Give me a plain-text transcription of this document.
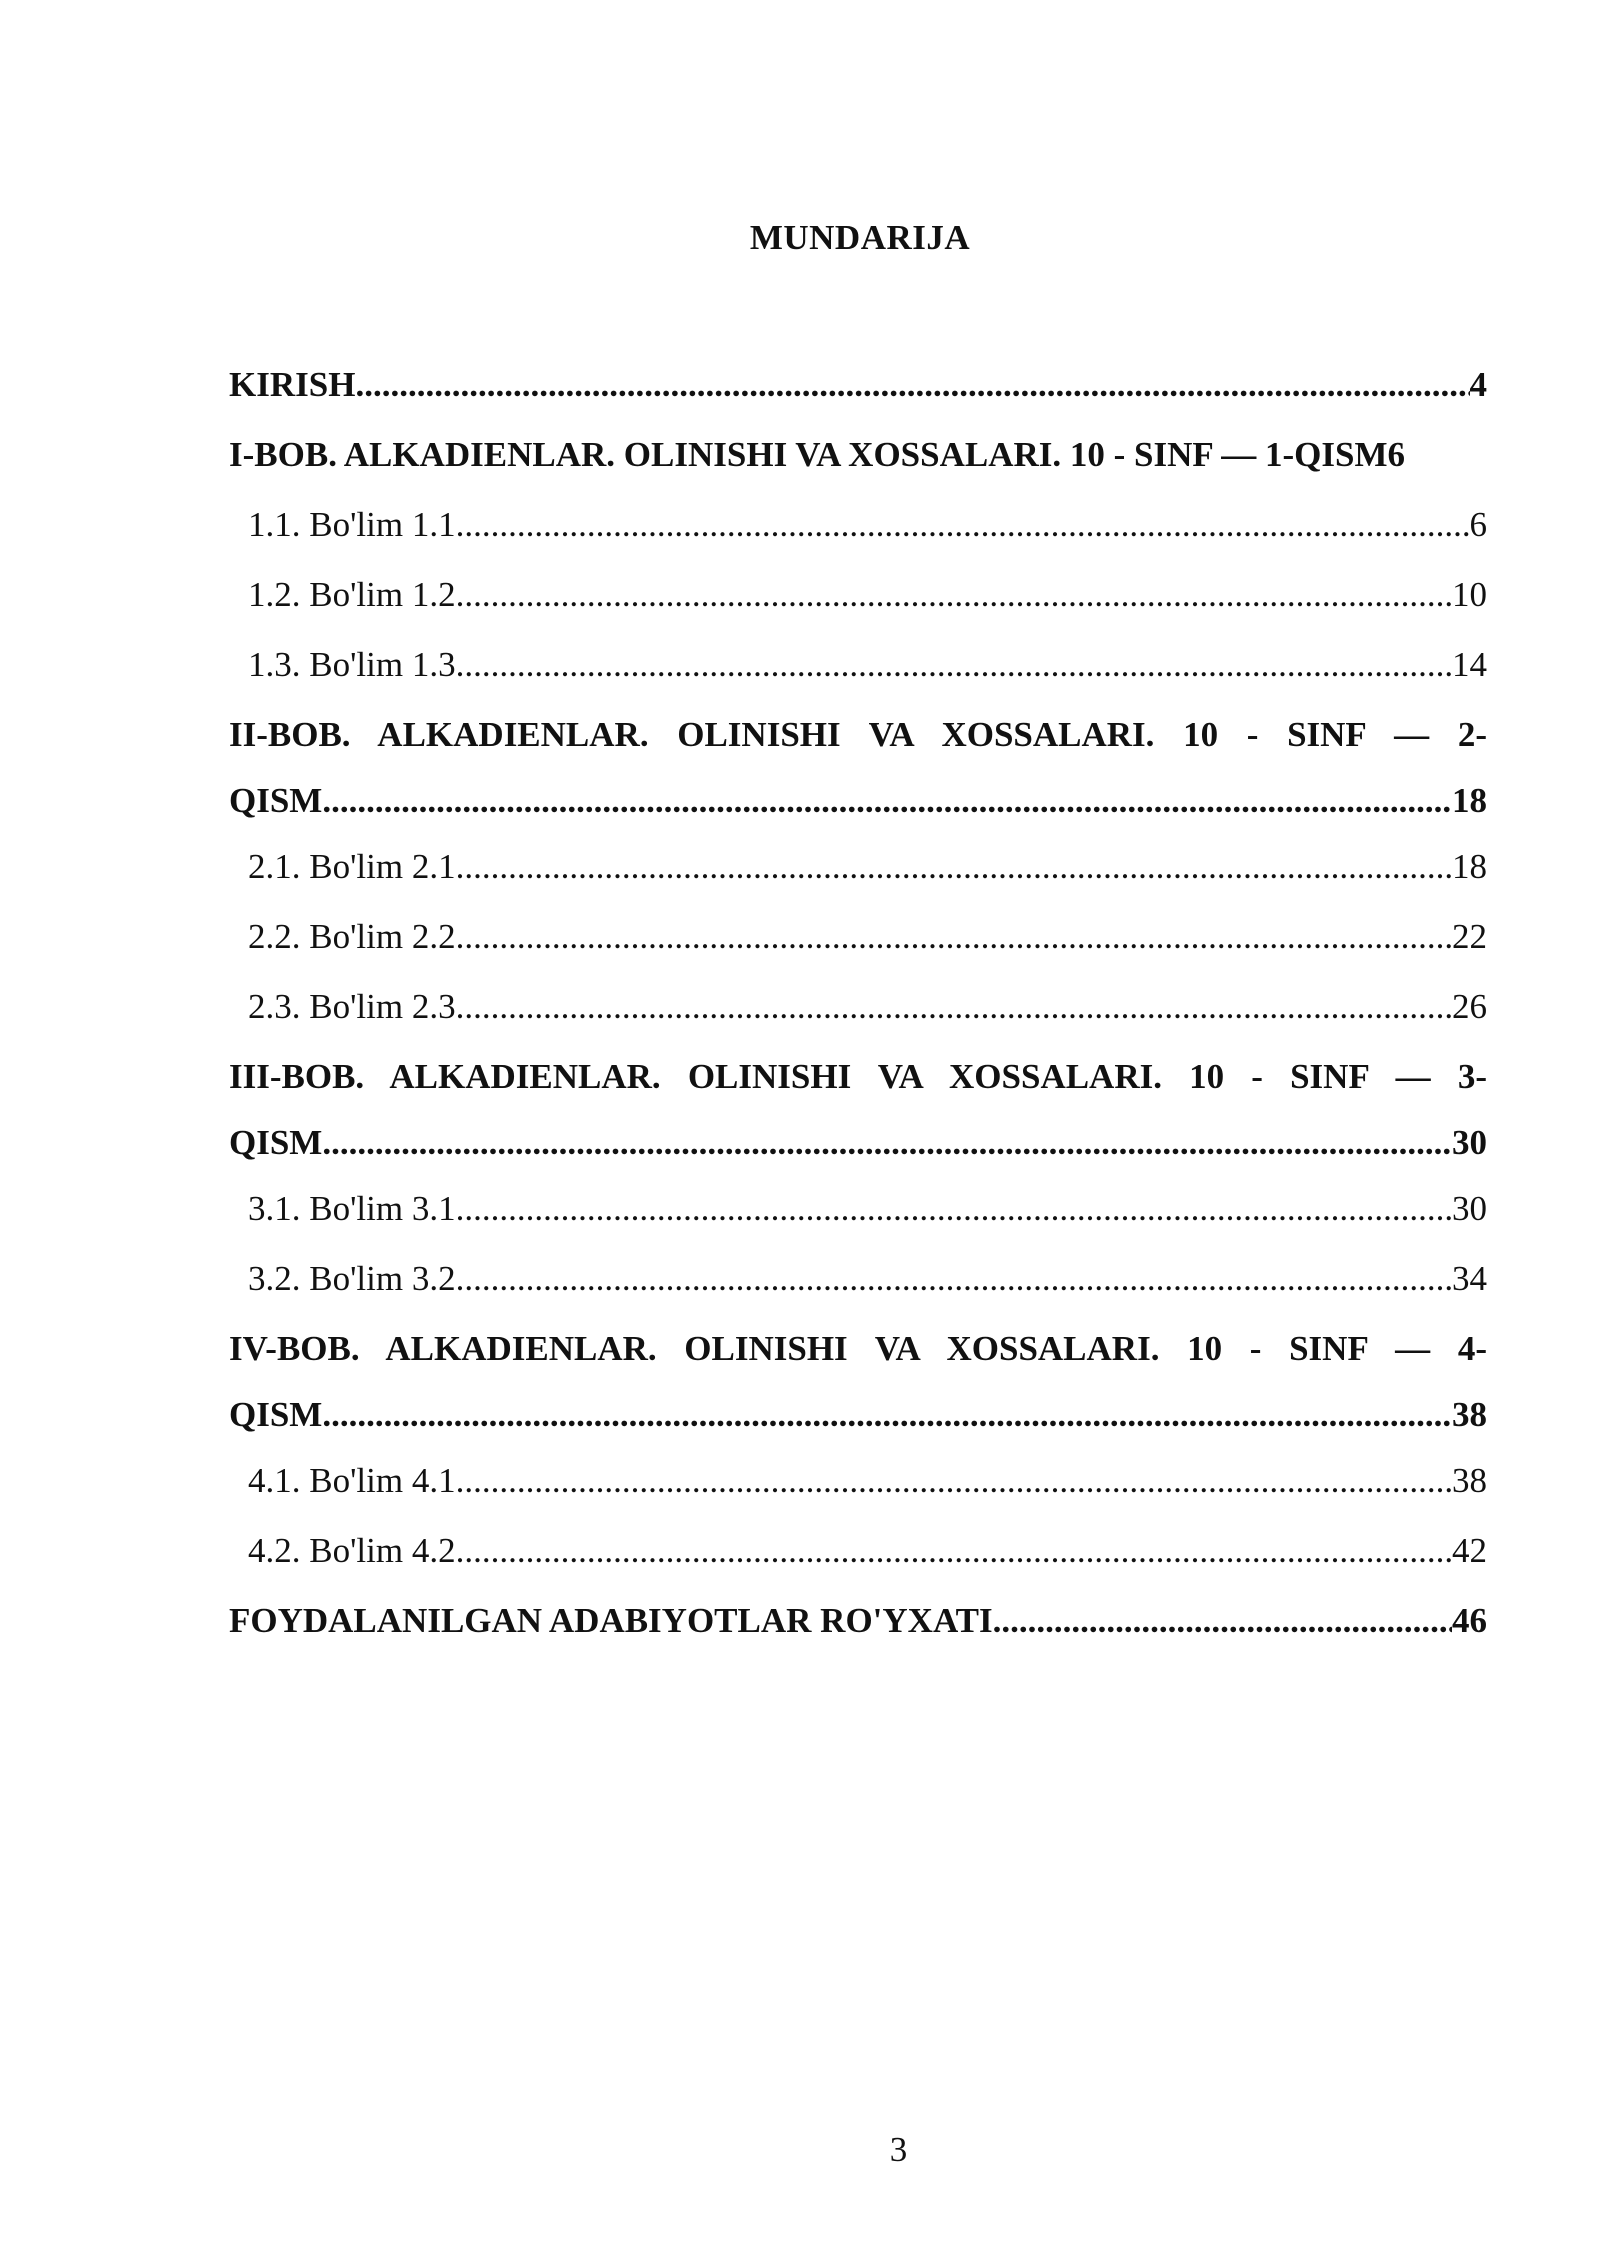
MUNDARIJA
KIRISH .....	4
I-BOB. ALKADIENLAR. OLINISHI VA XOSSALARI. 10 - SINF — 1-QISM 6
1.1. Bo'lim 1.1 .....	6
1.2. Bo'lim 1.2 .....	10
1.3. Bo'lim 1.3 .....	14
II-BOB. ALKADIENLAR. OLINISHI VA XOSSALARI. 10 - SINF — 2-
QISM .....	18
2.1. Bo'lim 2.1 .....	18
2.2. Bo'lim 2.2 .....	22
2.3. Bo'lim 2.3 .....	26
III-BOB. ALKADIENLAR. OLINISHI VA XOSSALARI. 10 - SINF — 3-
QISM .....	30
3.1. Bo'lim 3.1 .....	30
3.2. Bo'lim 3.2 .....	34
IV-BOB. ALKADIENLAR. OLINISHI VA XOSSALARI. 10 - SINF — 4-
QISM .....	38
4.1. Bo'lim 4.1 .....	38
4.2. Bo'lim 4.2 .....	42
FOYDALANILGAN ADABIYOTLAR RO'YXATI .....	46
3
